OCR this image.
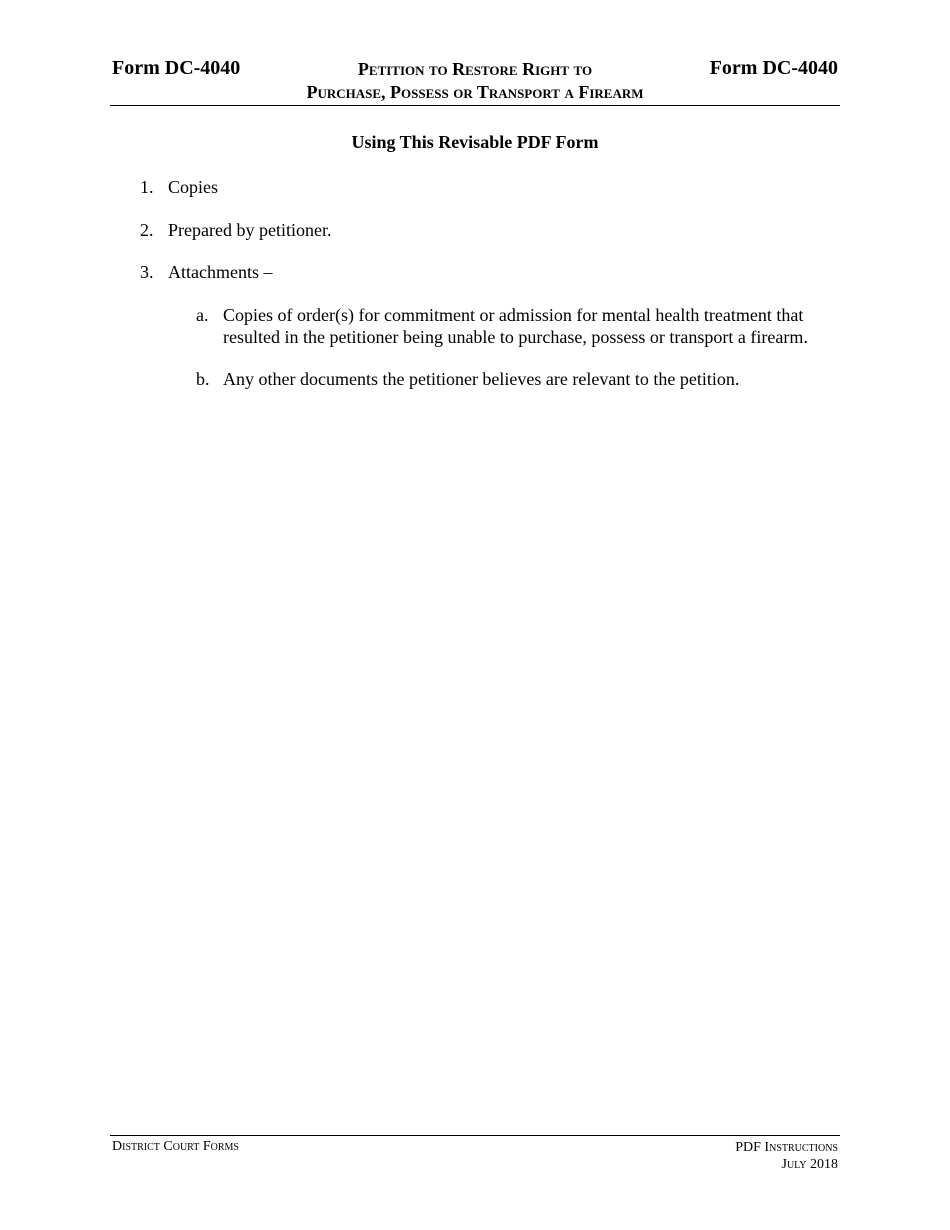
Form DC-4040	Petition to Restore Right to
Purchase, Possess or Transport a Firearm
Form DC-4040
Using This Revisable PDF Form
1. Copies
2. Prepared by petitioner.
3. Attachments –
a. Copies of order(s) for commitment or admission for mental health treatment that
resulted in the petitioner being unable to purchase, possess or transport a firearm.
b. Any other documents the petitioner believes are relevant to the petition.
District Court Forms	PDF Instructions
July 2018
